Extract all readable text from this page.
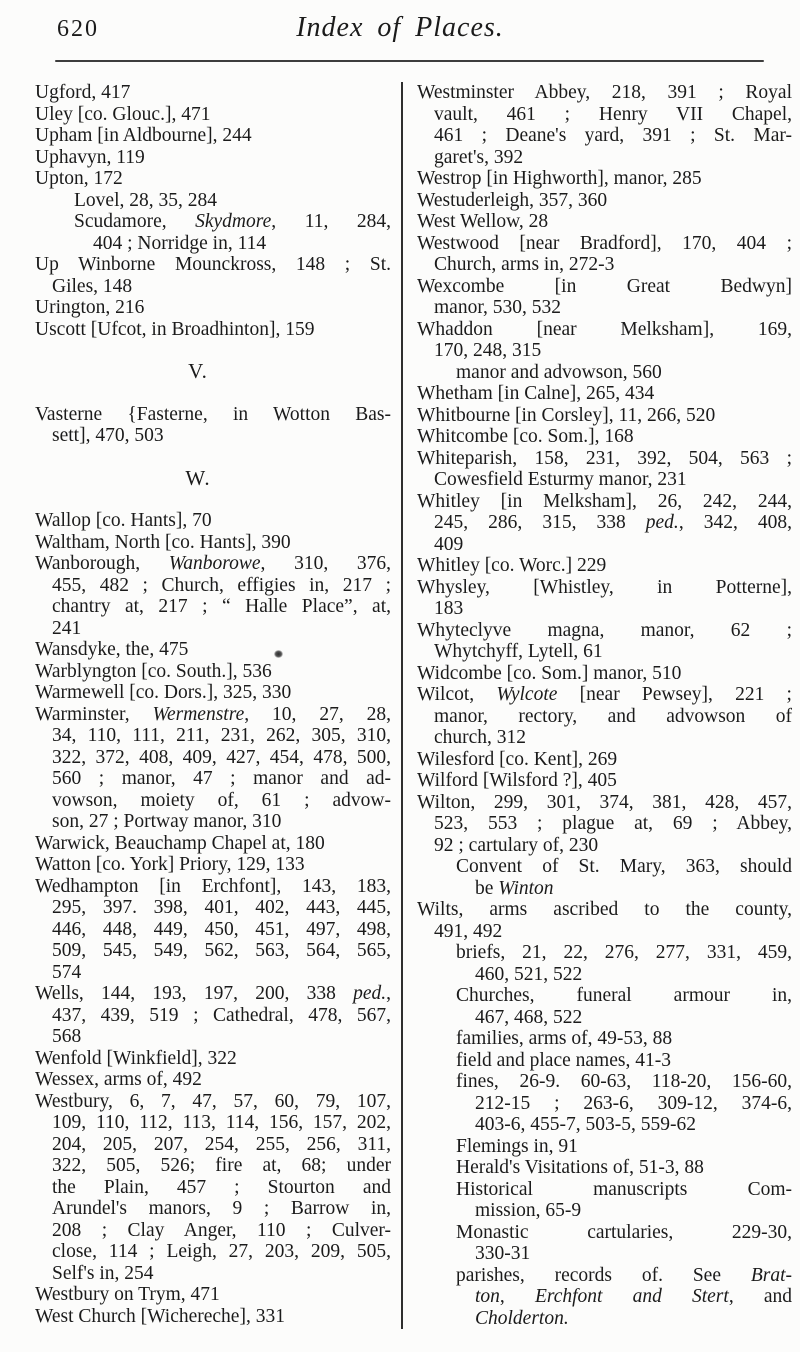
620	Index of Places.
Ugford, 417
Uley [co. Glouc.], 471
Upham [in Aldbourne], 244
Uphavyn, 119
Upton, 172
Lovel, 28, 35, 284
Scudamore, Skydmore, 11, 284,
404 ; Norridge in, 114
Up Winborne Mounckross, 148 ; St.
Giles, 148
Urington, 216
Uscott [Ufcot, in Broadhinton], 159
V.
Vasterne {Fasterne, in Wotton Bas-
sett], 470, 503
W.
Wallop [co. Hants], 70
Waltham, North [co. Hants], 390
Wanborough, Wanborowe, 310, 376,
455, 482 ; Church, effigies in, 217 ;
chantry at, 217 ; “ Halle Place”, at,
241
Wansdyke, the, 475
Warblyngton [co. South.], 536
Warmewell [co. Dors.], 325, 330
Warminster, Wermenstre, 10, 27, 28,
34, 110, 111, 211, 231, 262, 305, 310,
322, 372, 408, 409, 427, 454, 478, 500,
560 ; manor, 47 ; manor and ad-
vowson, moiety of, 61 ; advow-
son, 27 ; Portway manor, 310
Warwick, Beauchamp Chapel at, 180
Watton [co. York] Priory, 129, 133
Wedhampton [in Erchfont], 143, 183,
295, 397. 398, 401, 402, 443, 445,
446, 448, 449, 450, 451, 497, 498,
509, 545, 549, 562, 563, 564, 565,
574
Wells, 144, 193, 197, 200, 338 ped.,
437, 439, 519 ; Cathedral, 478, 567,
568
Wenfold [Winkfield], 322
Wessex, arms of, 492
Westbury, 6, 7, 47, 57, 60, 79, 107,
109, 110, 112, 113, 114, 156, 157, 202,
204, 205, 207, 254, 255, 256, 311,
322, 505, 526; fire at, 68; under
the Plain, 457 ; Stourton and
Arundel's manors, 9 ; Barrow in,
208 ; Clay Anger, 110 ; Culver-
close, 114 ; Leigh, 27, 203, 209, 505,
Self's in, 254
Westbury on Trym, 471
West Church [Wichereche], 331
Westminster Abbey, 218, 391 ; Royal
vault, 461 ; Henry VII Chapel,
461 ; Deane's yard, 391 ; St. Mar-
garet's, 392
Westrop [in Highworth], manor, 285
Westuderleigh, 357, 360
West Wellow, 28
Westwood [near Bradford], 170, 404 ;
Church, arms in, 272-3
Wexcombe [in Great Bedwyn]
manor, 530, 532
Whaddon [near Melksham], 169,
170, 248, 315
manor and advowson, 560
Whetham [in Calne], 265, 434
Whitbourne [in Corsley], 11, 266, 520
Whitcombe [co. Som.], 168
Whiteparish, 158, 231, 392, 504, 563 ;
Cowesfield Esturmy manor, 231
Whitley [in Melksham], 26, 242, 244,
245, 286, 315, 338 ped., 342, 408,
409
Whitley [co. Worc.] 229
Whysley, [Whistley, in Potterne],
183
Whyteclyve magna, manor, 62 ;
Whytchyff, Lytell, 61
Widcombe [co. Som.] manor, 510
Wilcot, Wylcote [near Pewsey], 221 ;
manor, rectory, and advowson of
church, 312
Wilesford [co. Kent], 269
Wilford [Wilsford ?], 405
Wilton, 299, 301, 374, 381, 428, 457,
523, 553 ; plague at, 69 ; Abbey,
92 ; cartulary of, 230
Convent of St. Mary, 363, should
be Winton
Wilts, arms ascribed to the county,
491, 492
briefs, 21, 22, 276, 277, 331, 459,
460, 521, 522
Churches, funeral armour in,
467, 468, 522
families, arms of, 49-53, 88
field and place names, 41-3
fines, 26-9. 60-63, 118-20, 156-60,
212-15 ; 263-6, 309-12, 374-6,
403-6, 455-7, 503-5, 559-62
Flemings in, 91
Herald's Visitations of, 51-3, 88
Historical manuscripts Com-
mission, 65-9
Monastic cartularies, 229-30,
330-31
parishes, records of. See Brat-
ton, Erchfont and Stert, and
Cholderton.
